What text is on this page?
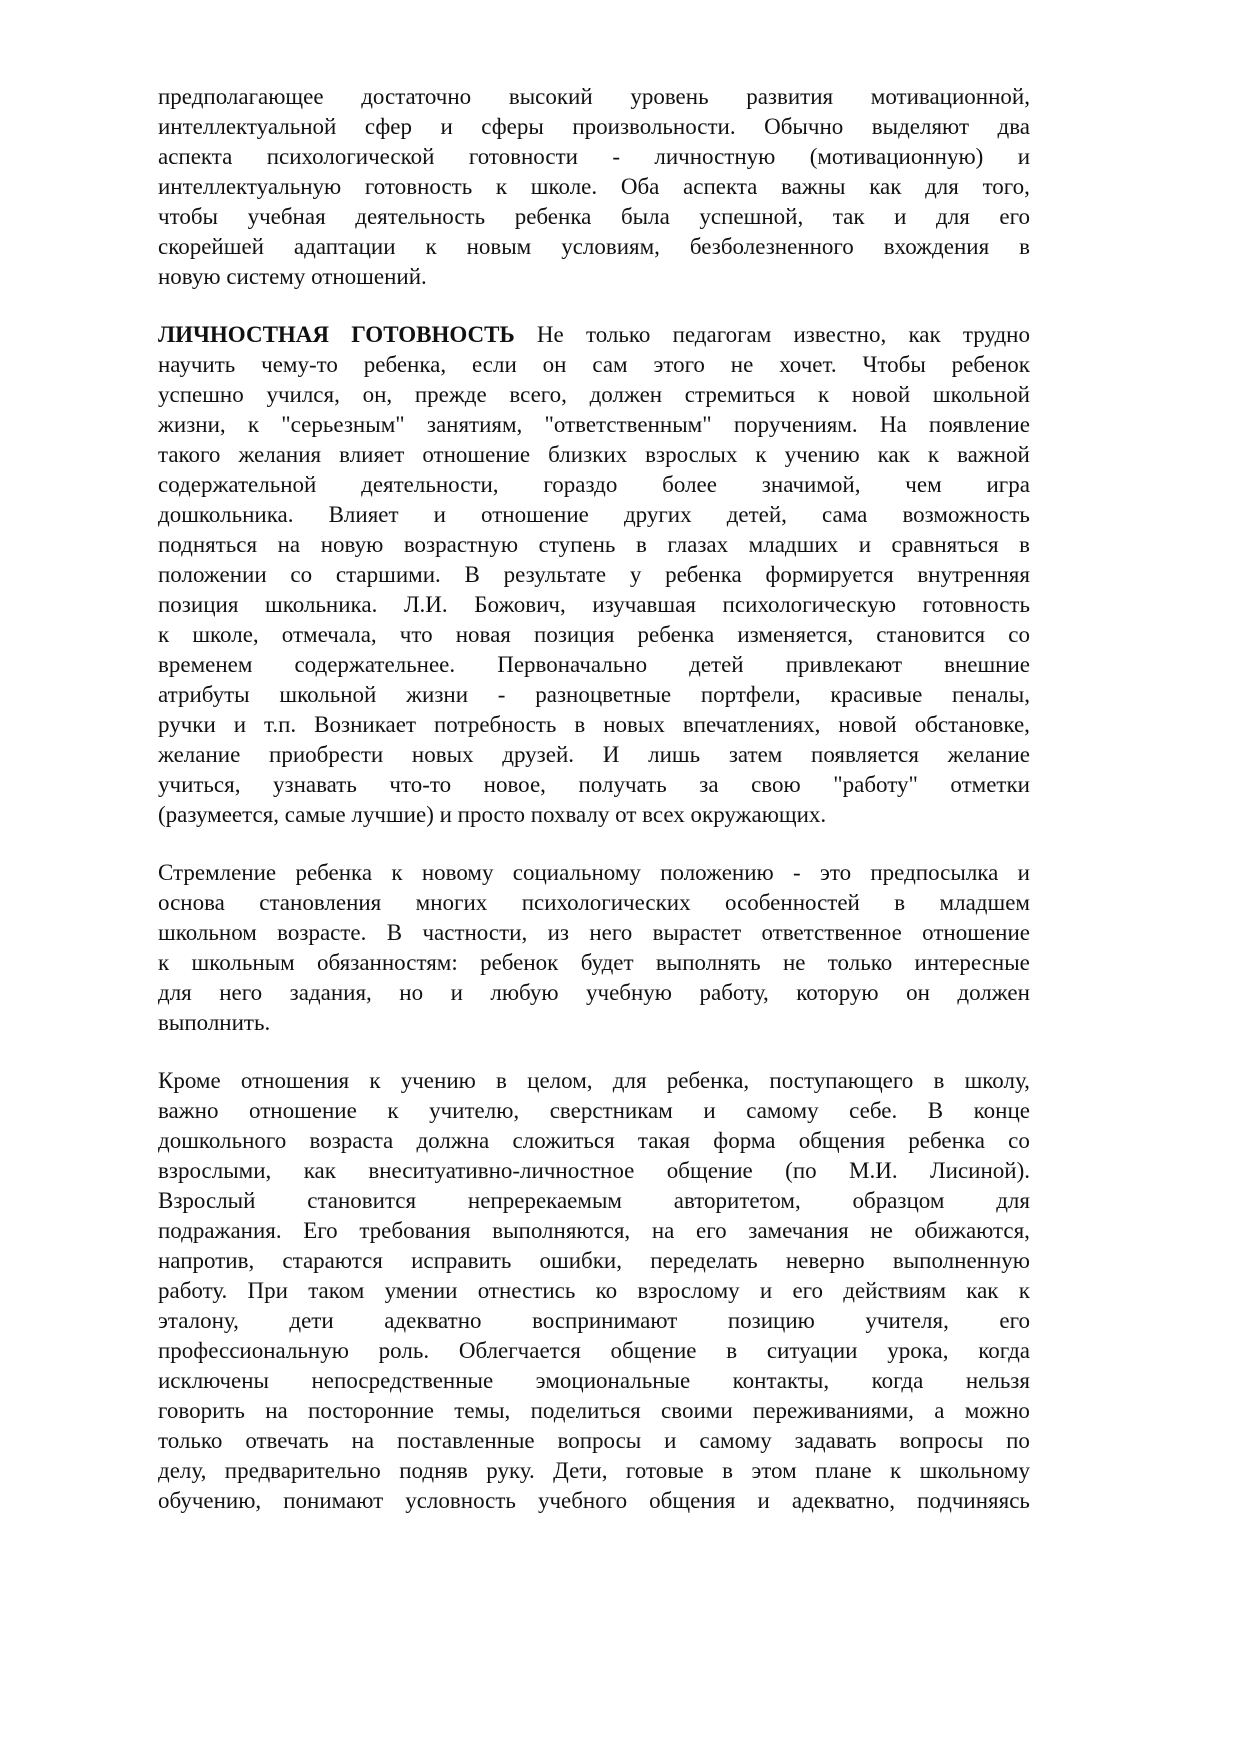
предполагающее достаточно высокий уровень развития мотивационной,
интеллектуальной сфер и сферы произвольности. Обычно выделяют два
аспекта психологической готовности - личностную (мотивационную) и
интеллектуальную готовность к школе. Оба аспекта важны как для того,
чтобы учебная деятельность ребенка была успешной, так и для его
скорейшей адаптации к новым условиям, безболезненного вхождения в
новую систему отношений.
ЛИЧНОСТНАЯ ГОТОВНОСТЬ Не только педагогам известно, как трудно
научить чему-то ребенка, если он сам этого не хочет. Чтобы ребенок
успешно учился, он, прежде всего, должен стремиться к новой школьной
жизни, к "серьезным" занятиям, "ответственным" поручениям. На появление
такого желания влияет отношение близких взрослых к учению как к важной
содержательной деятельности, гораздо более значимой, чем игра
дошкольника. Влияет и отношение других детей, сама возможность
подняться на новую возрастную ступень в глазах младших и сравняться в
положении со старшими. В результате у ребенка формируется внутренняя
позиция школьника. Л.И. Божович, изучавшая психологическую готовность
к школе, отмечала, что новая позиция ребенка изменяется, становится со
временем содержательнее. Первоначально детей привлекают внешние
атрибуты школьной жизни - разноцветные портфели, красивые пеналы,
ручки и т.п. Возникает потребность в новых впечатлениях, новой обстановке,
желание приобрести новых друзей. И лишь затем появляется желание
учиться, узнавать что-то новое, получать за свою "работу" отметки
(разумеется, самые лучшие) и просто похвалу от всех окружающих.
Стремление ребенка к новому социальному положению - это предпосылка и
основа становления многих психологических особенностей в младшем
школьном возрасте. В частности, из него вырастет ответственное отношение
к школьным обязанностям: ребенок будет выполнять не только интересные
для него задания, но и любую учебную работу, которую он должен
выполнить.
Кроме отношения к учению в целом, для ребенка, поступающего в школу,
важно отношение к учителю, сверстникам и самому себе. В конце
дошкольного возраста должна сложиться такая форма общения ребенка со
взрослыми, как внеситуативно-личностное общение (по М.И. Лисиной).
Взрослый становится непререкаемым авторитетом, образцом для
подражания. Его требования выполняются, на его замечания не обижаются,
напротив, стараются исправить ошибки, переделать неверно выполненную
работу. При таком умении отнестись ко взрослому и его действиям как к
эталону, дети адекватно воспринимают позицию учителя, его
профессиональную роль. Облегчается общение в ситуации урока, когда
исключены непосредственные эмоциональные контакты, когда нельзя
говорить на посторонние темы, поделиться своими переживаниями, а можно
только отвечать на поставленные вопросы и самому задавать вопросы по
делу, предварительно подняв руку. Дети, готовые в этом плане к школьному
обучению, понимают условность учебного общения и адекватно, подчиняясь
